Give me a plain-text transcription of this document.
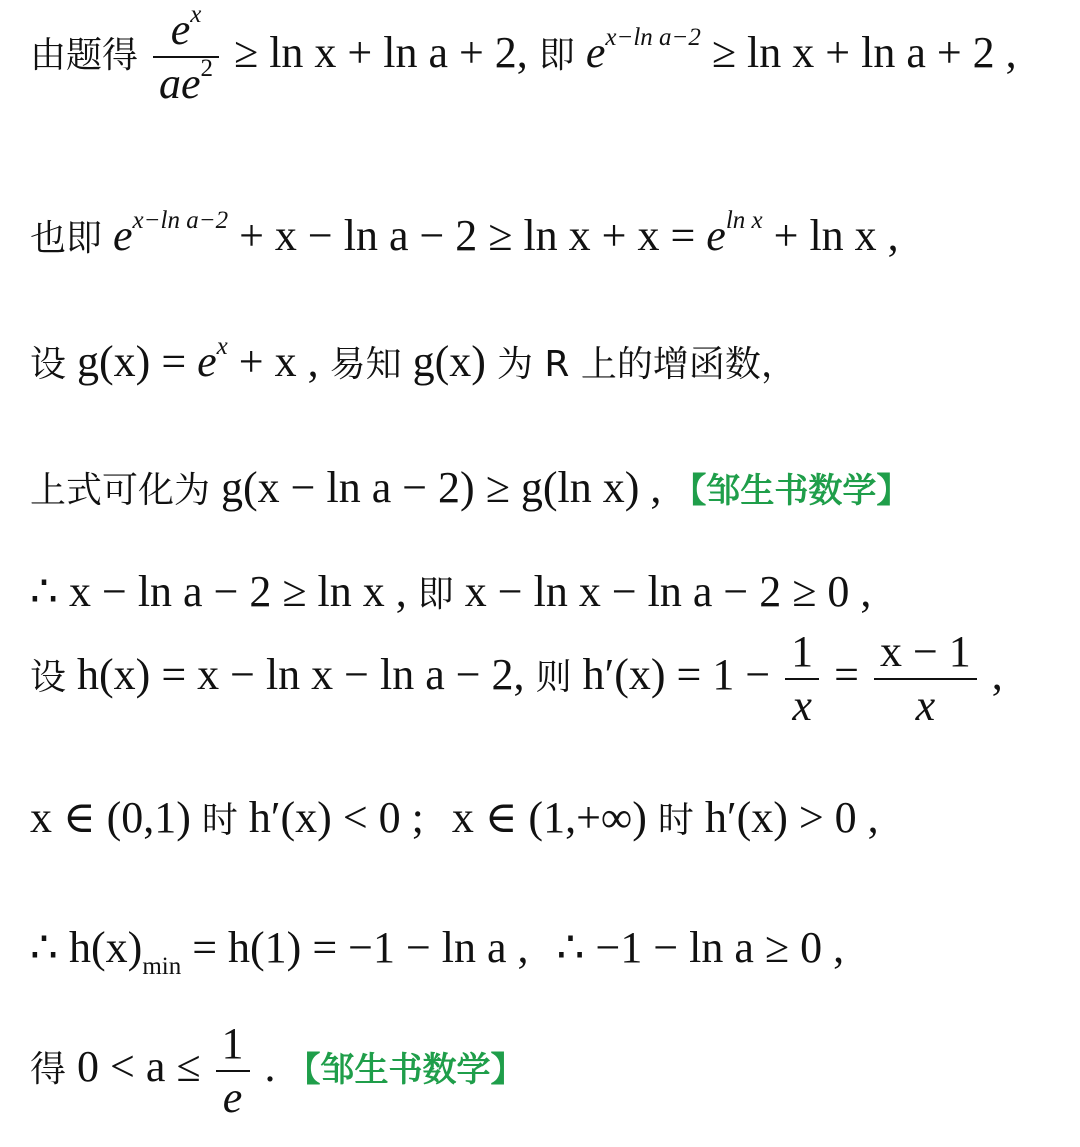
由题得 $\frac{e^x}{ae^2} \ge \ln x + \ln a + 2$, 即 $e^{x-ln a-2} \ge \ln x + \ln a + 2$ ,
也即 $e^{x-ln a-2} + x - \ln a - 2 \ge \ln x + x = e^{ln x} + \ln x$ ,
设 $g(x) = e^x + x$ , 易知 g(x) 为 R 上的增函数，
上式可化为 g(x − ln a − 2) ≥ g(ln x) , 【邹生书数学】
∴ x − ln a − 2 ≥ ln x , 即 x − ln x − ln a − 2 ≥ 0 ,
设 h(x) = x − ln x − ln a − 2, 则 $h'(x) = 1 - \frac{1}{x} = \frac{x - 1}{x}$ ,
x ∈ (0,1) 时 h′(x) < 0 ; x ∈ (1,+∞) 时 h′(x) > 0 ,
∴ $h(x)_{min} = h(1) = -1 - \ln a$ , ∴ −1 − ln a ≥ 0 ,
得 $0 < a \le \frac{1}{e}$ . 【邹生书数学】
